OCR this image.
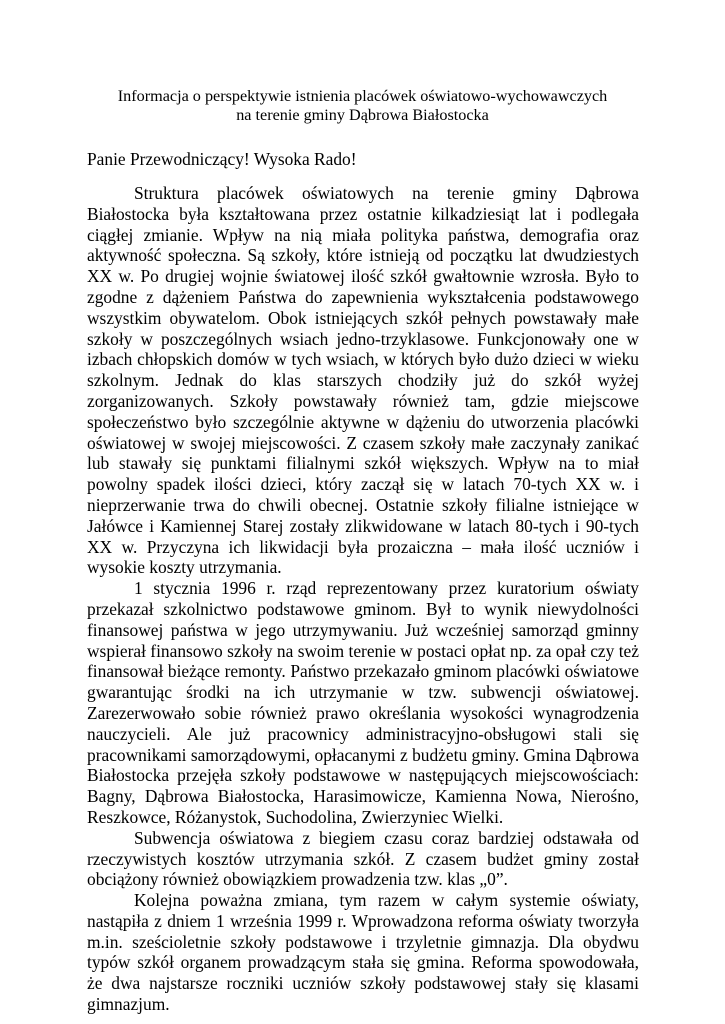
Informacja o perspektywie istnienia placówek oświatowo-wychowawczych
na terenie gminy Dąbrowa Białostocka
Panie Przewodniczący! Wysoka Rado!

Struktura placówek oświatowych na terenie gminy Dąbrowa Białostocka była kształtowana przez ostatnie kilkadziesiąt lat i podlegała ciągłej zmianie. Wpływ na nią miała polityka państwa, demografia oraz aktywność społeczna. Są szkoły, które istnieją od początku lat dwudziestych XX w. Po drugiej wojnie światowej ilość szkół gwałtownie wzrosła. Było to zgodne z dążeniem Państwa do zapewnienia wykształcenia podstawowego wszystkim obywatelom. Obok istniejących szkół pełnych powstawały małe szkoły w poszczególnych wsiach jedno-trzyklasowe. Funkcjonowały one w izbach chłopskich domów w tych wsiach, w których było dużo dzieci w wieku szkolnym. Jednak do klas starszych chodziły już do szkół wyżej zorganizowanych. Szkoły powstawały również tam, gdzie miejscowe społeczeństwo było szczególnie aktywne w dążeniu do utworzenia placówki oświatowej w swojej miejscowości. Z czasem szkoły małe zaczynały zanikać lub stawały się punktami filialnymi szkół większych. Wpływ na to miał powolny spadek ilości dzieci, który zaczął się w latach 70-tych XX w. i nieprzerwanie trwa do chwili obecnej. Ostatnie szkoły filialne istniejące w Jałówce i Kamiennej Starej zostały zlikwidowane w latach 80-tych i 90-tych XX w. Przyczyna ich likwidacji była prozaiczna – mała ilość uczniów i wysokie koszty utrzymania.

1 stycznia 1996 r. rząd reprezentowany przez kuratorium oświaty przekazał szkolnictwo podstawowe gminom. Był to wynik niewydolności finansowej państwa w jego utrzymywaniu. Już wcześniej samorząd gminny wspierał finansowo szkoły na swoim terenie w postaci opłat np. za opał czy też finansował bieżące remonty. Państwo przekazało gminom placówki oświatowe gwarantując środki na ich utrzymanie w tzw. subwencji oświatowej. Zarezerwowało sobie również prawo określania wysokości wynagrodzenia nauczycieli. Ale już pracownicy administracyjno-obsługowi stali się pracownikami samorządowymi, opłacanymi z budżetu gminy. Gmina Dąbrowa Białostocka przejęła szkoły podstawowe w następujących miejscowościach: Bagny, Dąbrowa Białostocka, Harasimowicze, Kamienna Nowa, Nierośno, Reszkowce, Różanystok, Suchodolina, Zwierzyniec Wielki.

Subwencja oświatowa z biegiem czasu coraz bardziej odstawała od rzeczywistych kosztów utrzymania szkół. Z czasem budżet gminy został obciążony również obowiązkiem prowadzenia tzw. klas „0”.

Kolejna poważna zmiana, tym razem w całym systemie oświaty, nastąpiła z dniem 1 września 1999 r. Wprowadzona reforma oświaty tworzyła m.in. sześcioletnie szkoły podstawowe i trzyletnie gimnazja. Dla obydwu typów szkół organem prowadzącym stała się gmina. Reforma spowodowała, że dwa najstarsze roczniki uczniów szkoły podstawowej stały się klasami gimnazjum.
